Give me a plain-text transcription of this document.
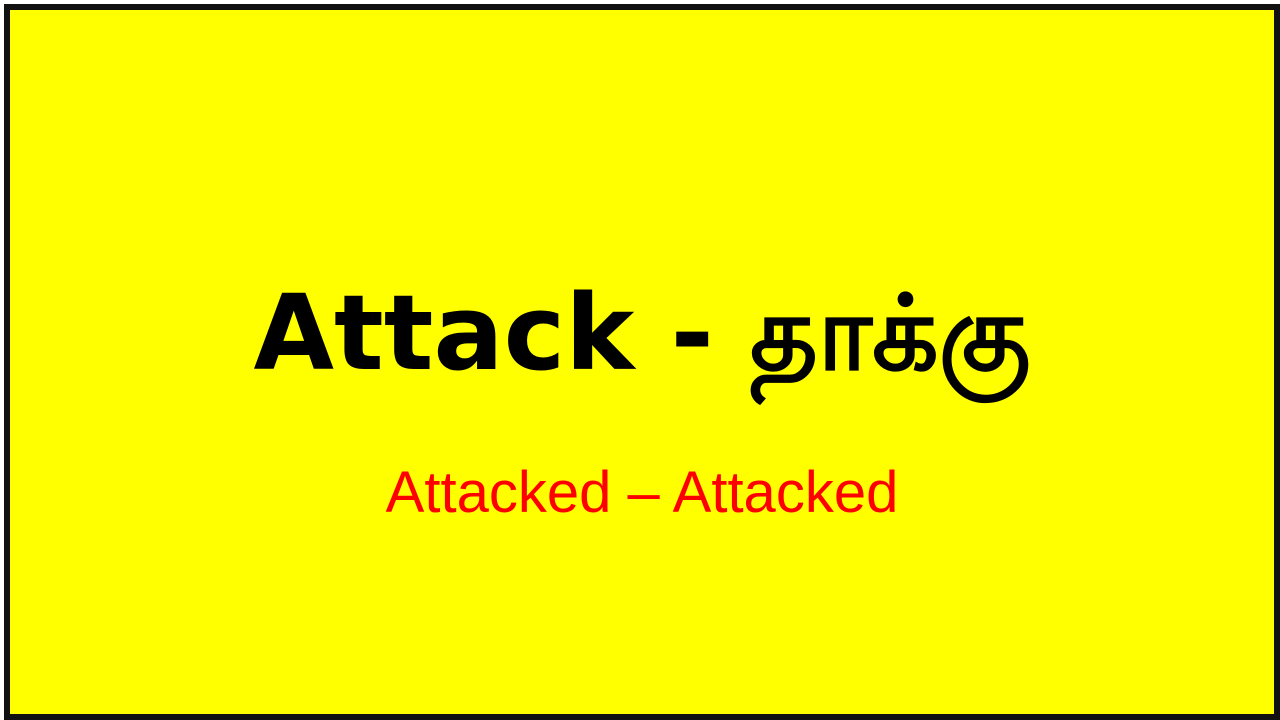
Attack - தாக்கு
Attacked – Attacked
